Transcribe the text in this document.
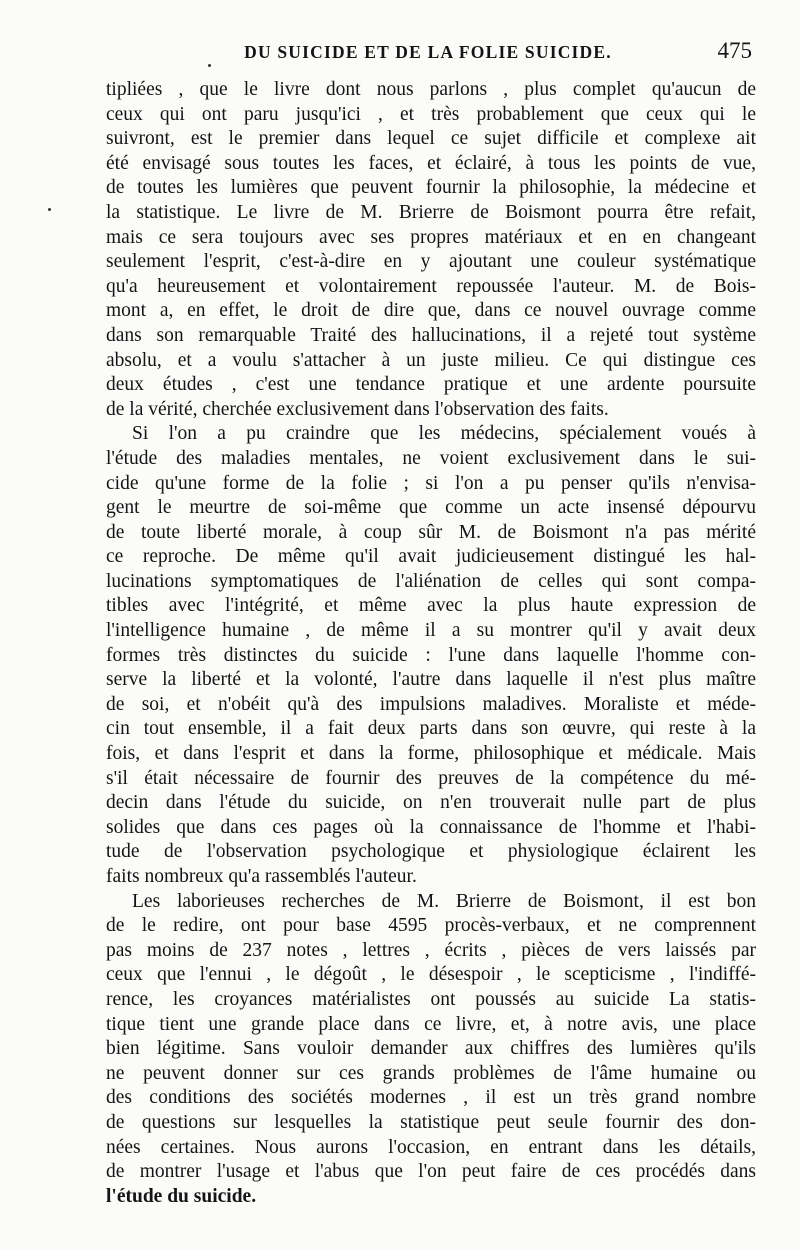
DU SUICIDE ET DE LA FOLIE SUICIDE.	475
tipliées , que le livre dont nous parlons , plus complet qu'aucun de
ceux qui ont paru jusqu'ici , et très probablement que ceux qui le
suivront, est le premier dans lequel ce sujet difficile et complexe ait
été envisagé sous toutes les faces, et éclairé, à tous les points de vue,
de toutes les lumières que peuvent fournir la philosophie, la médecine et
la statistique. Le livre de M. Brierre de Boismont pourra être refait,
mais ce sera toujours avec ses propres matériaux et en en changeant
seulement l'esprit, c'est-à-dire en y ajoutant une couleur systématique
qu'a heureusement et volontairement repoussée l'auteur. M. de Bois-
mont a, en effet, le droit de dire que, dans ce nouvel ouvrage comme
dans son remarquable Traité des hallucinations, il a rejeté tout système
absolu, et a voulu s'attacher à un juste milieu. Ce qui distingue ces
deux études , c'est une tendance pratique et une ardente poursuite
de la vérité, cherchée exclusivement dans l'observation des faits.
Si l'on a pu craindre que les médecins, spécialement voués à
l'étude des maladies mentales, ne voient exclusivement dans le sui-
cide qu'une forme de la folie ; si l'on a pu penser qu'ils n'envisa-
gent le meurtre de soi-même que comme un acte insensé dépourvu
de toute liberté morale, à coup sûr M. de Boismont n'a pas mérité
ce reproche. De même qu'il avait judicieusement distingué les hal-
lucinations symptomatiques de l'aliénation de celles qui sont compa-
tibles avec l'intégrité, et même avec la plus haute expression de
l'intelligence humaine , de même il a su montrer qu'il y avait deux
formes très distinctes du suicide : l'une dans laquelle l'homme con-
serve la liberté et la volonté, l'autre dans laquelle il n'est plus maître
de soi, et n'obéit qu'à des impulsions maladives. Moraliste et méde-
cin tout ensemble, il a fait deux parts dans son œuvre, qui reste à la
fois, et dans l'esprit et dans la forme, philosophique et médicale. Mais
s'il était nécessaire de fournir des preuves de la compétence du mé-
decin dans l'étude du suicide, on n'en trouverait nulle part de plus
solides que dans ces pages où la connaissance de l'homme et l'habi-
tude de l'observation psychologique et physiologique éclairent les
faits nombreux qu'a rassemblés l'auteur.
Les laborieuses recherches de M. Brierre de Boismont, il est bon
de le redire, ont pour base 4595 procès-verbaux, et ne comprennent
pas moins de 237 notes , lettres , écrits , pièces de vers laissés par
ceux que l'ennui , le dégoût , le désespoir , le scepticisme , l'indiffé-
rence, les croyances matérialistes ont poussés au suicide La statis-
tique tient une grande place dans ce livre, et, à notre avis, une place
bien légitime. Sans vouloir demander aux chiffres des lumières qu'ils
ne peuvent donner sur ces grands problèmes de l'âme humaine ou
des conditions des sociétés modernes , il est un très grand nombre
de questions sur lesquelles la statistique peut seule fournir des don-
nées certaines. Nous aurons l'occasion, en entrant dans les détails,
de montrer l'usage et l'abus que l'on peut faire de ces procédés dans
l'étude du suicide.
